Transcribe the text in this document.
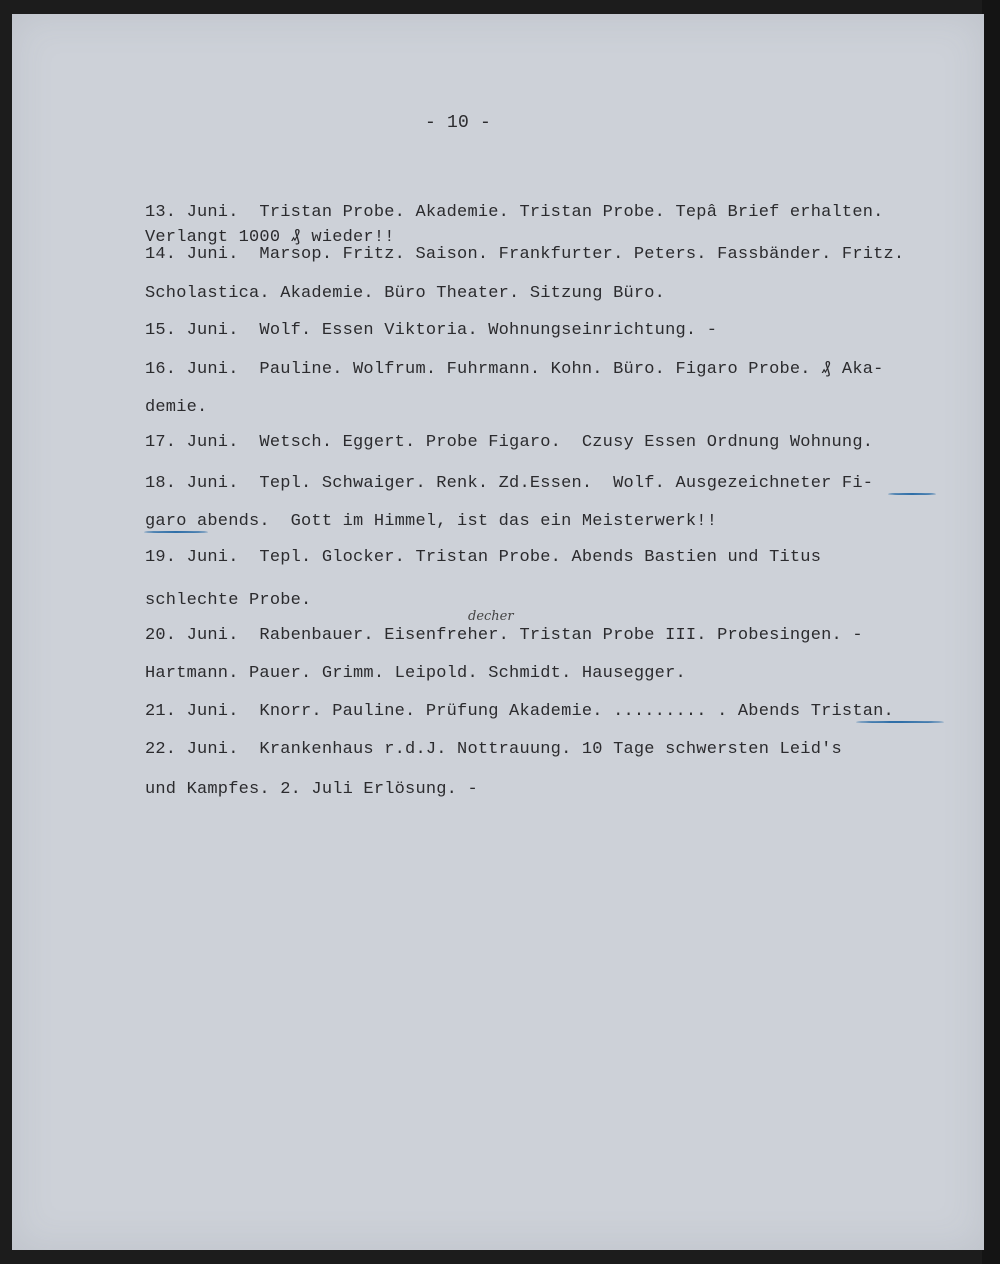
- 10 -
13. Juni.  Tristan Probe. Akademie. Tristan Probe. Tepâ Brief erhalten.
Verlangt 1000 ₰ wieder!!
14. Juni.  Marsop. Fritz. Saison. Frankfurter. Peters. Fassbänder. Fritz.
Scholastica. Akademie. Büro Theater. Sitzung Büro.
15. Juni.  Wolf. Essen Viktoria. Wohnungseinrichtung. -
16. Juni.  Pauline. Wolfrum. Fuhrmann. Kohn. Büro. Figaro Probe. ₰ Aka-
demie.
17. Juni.  Wetsch. Eggert. Probe Figaro.  Czusy Essen Ordnung Wohnung.
18. Juni.  Tepl. Schwaiger. Renk. Zd.Essen.  Wolf. Ausgezeichneter Fi-
garo abends.  Gott im Himmel, ist das ein Meisterwerk!!
19. Juni.  Tepl. Glocker. Tristan Probe. Abends Bastien und Titus
schlechte Probe.
20. Juni.  Rabenbauer. Eisenfreher. Tristan Probe III. Probesingen. -
Hartmann. Pauer. Grimm. Leipold. Schmidt. Hausegger.
21. Juni.  Knorr. Pauline. Prüfung Akademie. ......... . Abends Tristan.
22. Juni.  Krankenhaus r.d.J. Nottrauung. 10 Tage schwersten Leid's
und Kampfes. 2. Juli Erlösung. -
decher
